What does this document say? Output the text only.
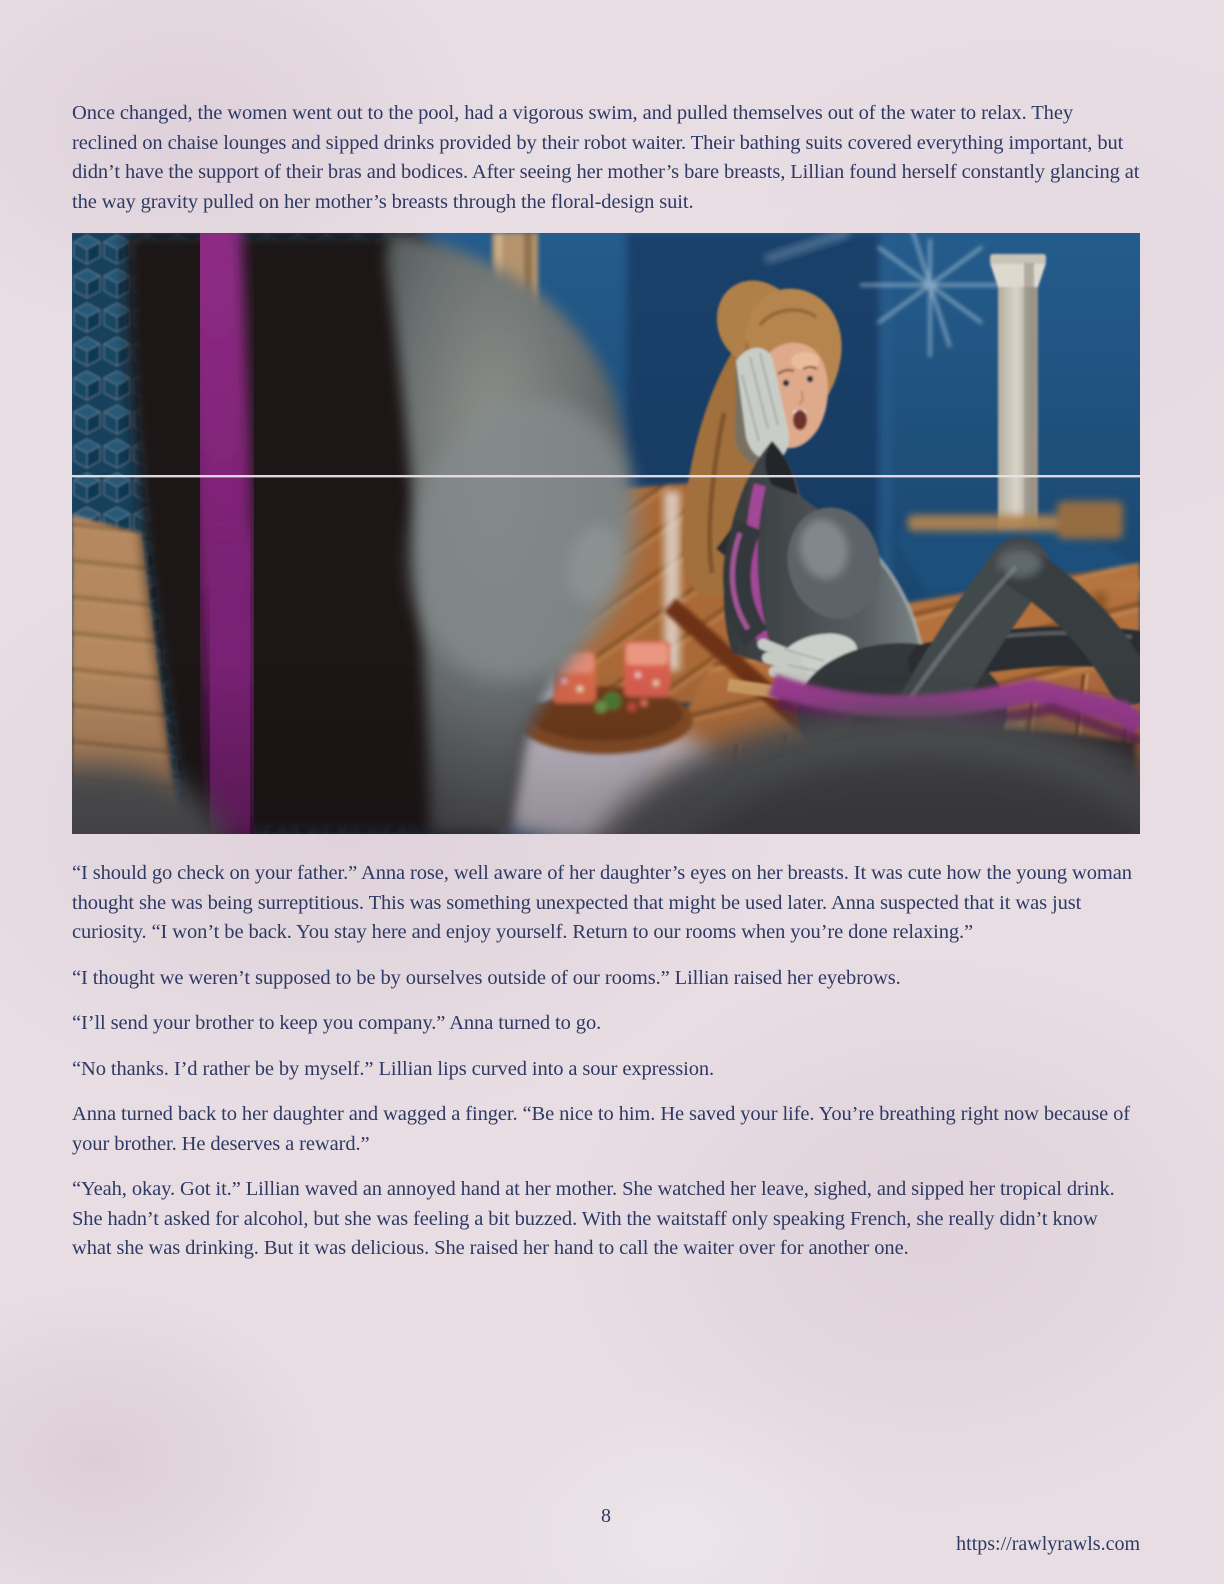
Once changed, the women went out to the pool, had a vigorous swim, and pulled themselves out of the water to relax. They reclined on chaise lounges and sipped drinks provided by their robot waiter. Their bathing suits covered everything important, but didn’t have the support of their bras and bodices. After seeing her mother’s bare breasts, Lillian found herself constantly glancing at the way gravity pulled on her mother’s breasts through the floral-design suit.

“I should go check on your father.” Anna rose, well aware of her daughter’s eyes on her breasts. It was cute how the young woman thought she was being surreptitious. This was something unexpected that might be used later. Anna suspected that it was just curiosity. “I won’t be back. You stay here and enjoy yourself. Return to our rooms when you’re done relaxing.”

“I thought we weren’t supposed to be by ourselves outside of our rooms.” Lillian raised her eyebrows.

“I’ll send your brother to keep you company.” Anna turned to go.

“No thanks. I’d rather be by myself.” Lillian lips curved into a sour expression.

Anna turned back to her daughter and wagged a finger. “Be nice to him. He saved your life. You’re breathing right now because of your brother. He deserves a reward.”

“Yeah, okay. Got it.” Lillian waved an annoyed hand at her mother. She watched her leave, sighed, and sipped her tropical drink. She hadn’t asked for alcohol, but she was feeling a bit buzzed. With the waitstaff only speaking French, she really didn’t know what she was drinking. But it was delicious. She raised her hand to call the waiter over for another one.

8
https://rawlyrawls.com
